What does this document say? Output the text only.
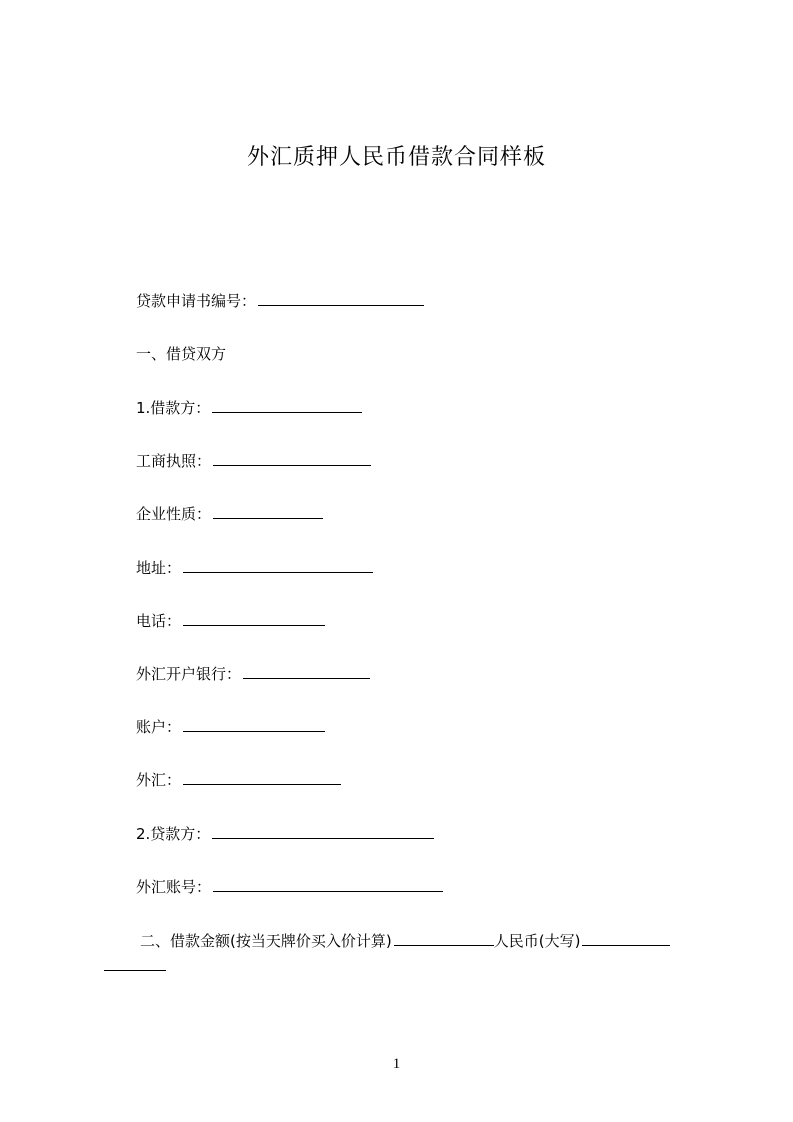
外汇质押人民币借款合同样板
贷款申请书编号：
一、借贷双方
1.借款方：
工商执照：
企业性质：
地址：
电话：
外汇开户银行：
账户：
外汇：
2.贷款方：
外汇账号：
二、借款金额(按当天牌价买入价计算)	人民币(大写)
1
